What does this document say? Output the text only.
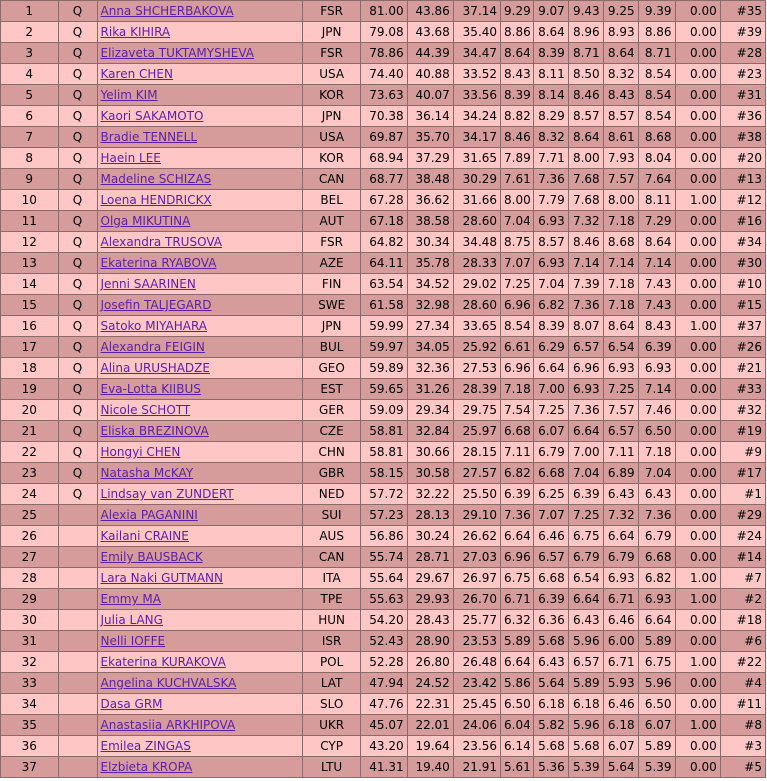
1	Q	Anna SHCHERBAKOVA	FSR	81.00	43.86	37.14	9.29	9.07	9.43	9.25	9.39	0.00	#35
2	Q	Rika KIHIRA	JPN	79.08	43.68	35.40	8.86	8.64	8.96	8.93	8.86	0.00	#39
3	Q	Elizaveta TUKTAMYSHEVA	FSR	78.86	44.39	34.47	8.64	8.39	8.71	8.64	8.71	0.00	#28
4	Q	Karen CHEN	USA	74.40	40.88	33.52	8.43	8.11	8.50	8.32	8.54	0.00	#23
5	Q	Yelim KIM	KOR	73.63	40.07	33.56	8.39	8.14	8.46	8.43	8.54	0.00	#31
6	Q	Kaori SAKAMOTO	JPN	70.38	36.14	34.24	8.82	8.29	8.57	8.57	8.54	0.00	#36
7	Q	Bradie TENNELL	USA	69.87	35.70	34.17	8.46	8.32	8.64	8.61	8.68	0.00	#38
8	Q	Haein LEE	KOR	68.94	37.29	31.65	7.89	7.71	8.00	7.93	8.04	0.00	#20
9	Q	Madeline SCHIZAS	CAN	68.77	38.48	30.29	7.61	7.36	7.68	7.57	7.64	0.00	#13
10	Q	Loena HENDRICKX	BEL	67.28	36.62	31.66	8.00	7.79	7.68	8.00	8.11	1.00	#12
11	Q	Olga MIKUTINA	AUT	67.18	38.58	28.60	7.04	6.93	7.32	7.18	7.29	0.00	#16
12	Q	Alexandra TRUSOVA	FSR	64.82	30.34	34.48	8.75	8.57	8.46	8.68	8.64	0.00	#34
13	Q	Ekaterina RYABOVA	AZE	64.11	35.78	28.33	7.07	6.93	7.14	7.14	7.14	0.00	#30
14	Q	Jenni SAARINEN	FIN	63.54	34.52	29.02	7.25	7.04	7.39	7.18	7.43	0.00	#10
15	Q	Josefin TALJEGARD	SWE	61.58	32.98	28.60	6.96	6.82	7.36	7.18	7.43	0.00	#15
16	Q	Satoko MIYAHARA	JPN	59.99	27.34	33.65	8.54	8.39	8.07	8.64	8.43	1.00	#37
17	Q	Alexandra FEIGIN	BUL	59.97	34.05	25.92	6.61	6.29	6.57	6.54	6.39	0.00	#26
18	Q	Alina URUSHADZE	GEO	59.89	32.36	27.53	6.96	6.64	6.96	6.93	6.93	0.00	#21
19	Q	Eva-Lotta KIIBUS	EST	59.65	31.26	28.39	7.18	7.00	6.93	7.25	7.14	0.00	#33
20	Q	Nicole SCHOTT	GER	59.09	29.34	29.75	7.54	7.25	7.36	7.57	7.46	0.00	#32
21	Q	Eliska BREZINOVA	CZE	58.81	32.84	25.97	6.68	6.07	6.64	6.57	6.50	0.00	#19
22	Q	Hongyi CHEN	CHN	58.81	30.66	28.15	7.11	6.79	7.00	7.11	7.18	0.00	#9
23	Q	Natasha McKAY	GBR	58.15	30.58	27.57	6.82	6.68	7.04	6.89	7.04	0.00	#17
24	Q	Lindsay van ZUNDERT	NED	57.72	32.22	25.50	6.39	6.25	6.39	6.43	6.43	0.00	#1
25		Alexia PAGANINI	SUI	57.23	28.13	29.10	7.36	7.07	7.25	7.32	7.36	0.00	#29
26		Kailani CRAINE	AUS	56.86	30.24	26.62	6.64	6.46	6.75	6.64	6.79	0.00	#24
27		Emily BAUSBACK	CAN	55.74	28.71	27.03	6.96	6.57	6.79	6.79	6.68	0.00	#14
28		Lara Naki GUTMANN	ITA	55.64	29.67	26.97	6.75	6.68	6.54	6.93	6.82	1.00	#7
29		Emmy MA	TPE	55.63	29.93	26.70	6.71	6.39	6.64	6.71	6.93	1.00	#2
30		Julia LANG	HUN	54.20	28.43	25.77	6.32	6.36	6.43	6.46	6.64	0.00	#18
31		Nelli IOFFE	ISR	52.43	28.90	23.53	5.89	5.68	5.96	6.00	5.89	0.00	#6
32		Ekaterina KURAKOVA	POL	52.28	26.80	26.48	6.64	6.43	6.57	6.71	6.75	1.00	#22
33		Angelina KUCHVALSKA	LAT	47.94	24.52	23.42	5.86	5.64	5.89	5.93	5.96	0.00	#4
34		Dasa GRM	SLO	47.76	22.31	25.45	6.50	6.18	6.18	6.46	6.50	0.00	#11
35		Anastasiia ARKHIPOVA	UKR	45.07	22.01	24.06	6.04	5.82	5.96	6.18	6.07	1.00	#8
36		Emilea ZINGAS	CYP	43.20	19.64	23.56	6.14	5.68	5.68	6.07	5.89	0.00	#3
37		Elzbieta KROPA	LTU	41.31	19.40	21.91	5.61	5.36	5.39	5.64	5.39	0.00	#5
